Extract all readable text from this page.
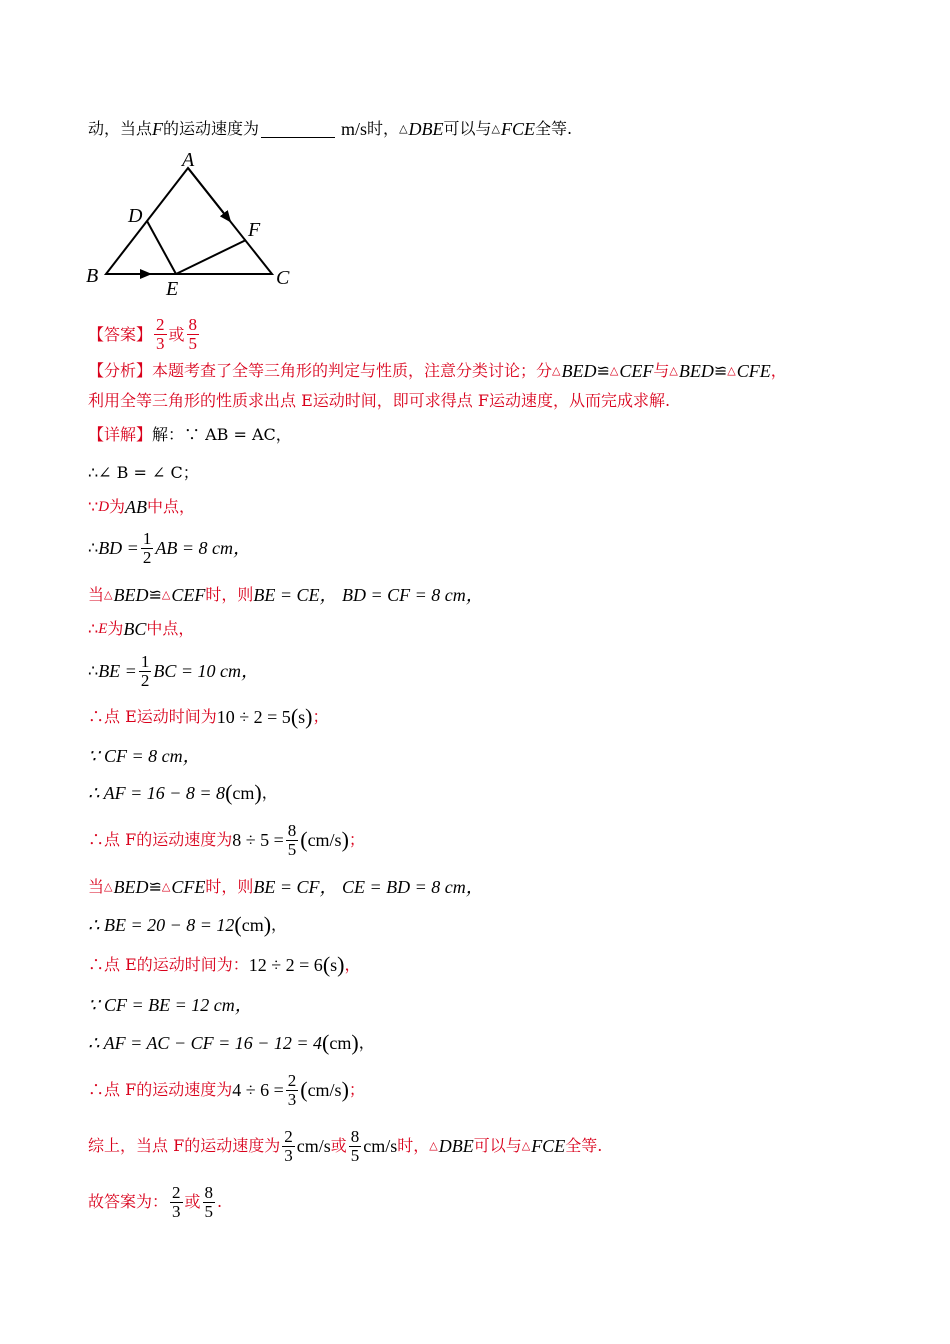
动，当点 F 的运动速度为	m/s 时， △ DBE 可以与 △ FCE 全等.
A
B	C
D
E
F
【答案】 $\frac{2}{3}$ 或 $\frac{8}{5}$
【分析】 本题考查了全等三角形的判定与性质，注意分类讨论；分 △ BED ≌ △ CEF 与 △ BED ≌ △ CFE ，
利用全等三角形的性质求出点 E运动时间，即可求得点 F运动速度，从而完成求解.
【详解】 解：∵ AB = AC，
∴∠ B = ∠ C；
∵ D 为 AB 中点，
∴ BD = $\frac{1}{2}$ AB = 8 cm，
当 △ BED ≌ △ CEF 时，则 BE = CE， BD = CF = 8 cm，
∴ E 为 BC 中点，
∴ BE = $\frac{1}{2}$ BC = 10 cm，
∴点 E运动时间为 10 ÷ 2 = 5 ( s ) ；
∵ CF = 8 cm，
∴ AF = 16 − 8 = 8 ( cm ) ，
∴点 F的运动速度为 $8 \div 5 = \frac{8}{5}$ ( cm/s ) ；
当 △ BED ≌ △ CFE 时，则 BE = CF， CE = BD = 8 cm，
∴ BE = 20 − 8 = 12 ( cm ) ，
∴点 E的运动时间为： 12 ÷ 2 = 6 ( s ) ，
∵ CF = BE = 12 cm，
∴ AF = AC − CF = 16 − 12 = 4 ( cm ) ，
∴点 F的运动速度为 $4 \div 6 = \frac{2}{3}$ ( cm/s ) ；
综上，当点 F的运动速度为 $\frac{2}{3} cm/s$ 或 $\frac{8}{5} cm/s$ 时， △ DBE 可以与 △ FCE 全等.
故答案为： $\frac{2}{3}$ 或 $\frac{8}{5}$ .
